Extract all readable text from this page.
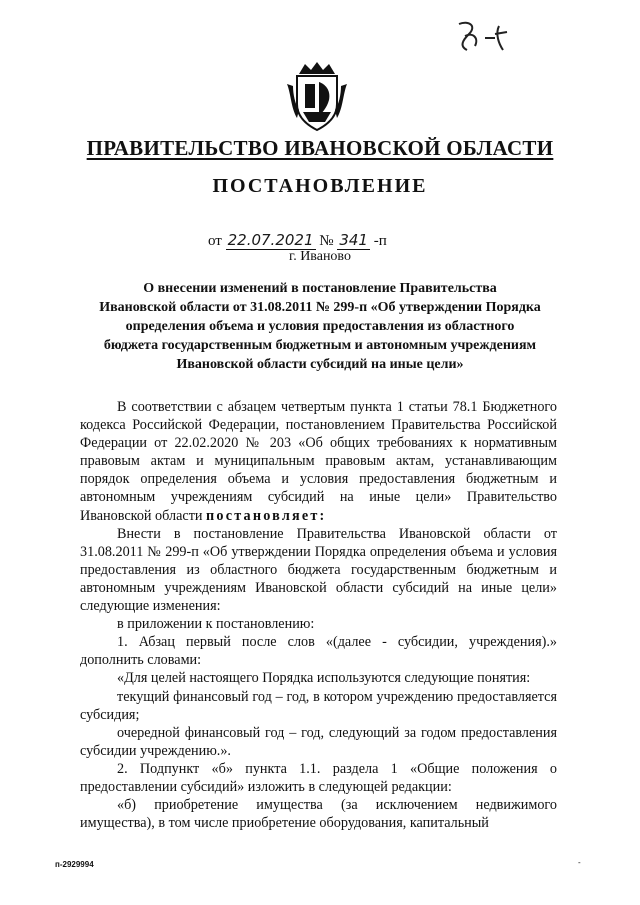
ПРАВИТЕЛЬСТВО ИВАНОВСКОЙ ОБЛАСТИ
ПОСТАНОВЛЕНИЕ
от 22.07.2021 № 341 -п
г. Иваново
О внесении изменений в постановление Правительства
Ивановской области от 31.08.2011 № 299-п «Об утверждении Порядка
определения объема и условия предоставления из областного
бюджета государственным бюджетным и автономным учреждениям
Ивановской области субсидий на иные цели»

В соответствии с абзацем четвертым пункта 1 статьи 78.1 Бюджетного кодекса Российской Федерации, постановлением Правительства Российской Федерации от 22.02.2020 № 203 «Об общих требованиях к нормативным правовым актам и муниципальным правовым актам, устанавливающим порядок определения объема и условия предоставления бюджетным и автономным учреждениям субсидий на иные цели» Правительство Ивановской области постановляет:

Внести в постановление Правительства Ивановской области от 31.08.2011 № 299-п «Об утверждении Порядка определения объема и условия предоставления из областного бюджета государственным бюджетным и автономным учреждениям Ивановской области субсидий на иные цели» следующие изменения:

в приложении к постановлению:

1. Абзац первый после слов «(далее - субсидии, учреждения).» дополнить словами:

«Для целей настоящего Порядка используются следующие понятия:

текущий финансовый год – год, в котором учреждению предоставляется субсидия;

очередной финансовый год – год, следующий за годом предоставления субсидии учреждению.».

2. Подпункт «б» пункта 1.1. раздела 1 «Общие положения о предоставлении субсидий» изложить в следующей редакции:

«б) приобретение имущества (за исключением недвижимого имущества), в том числе приобретение оборудования, капитальный

п-2929994	-
